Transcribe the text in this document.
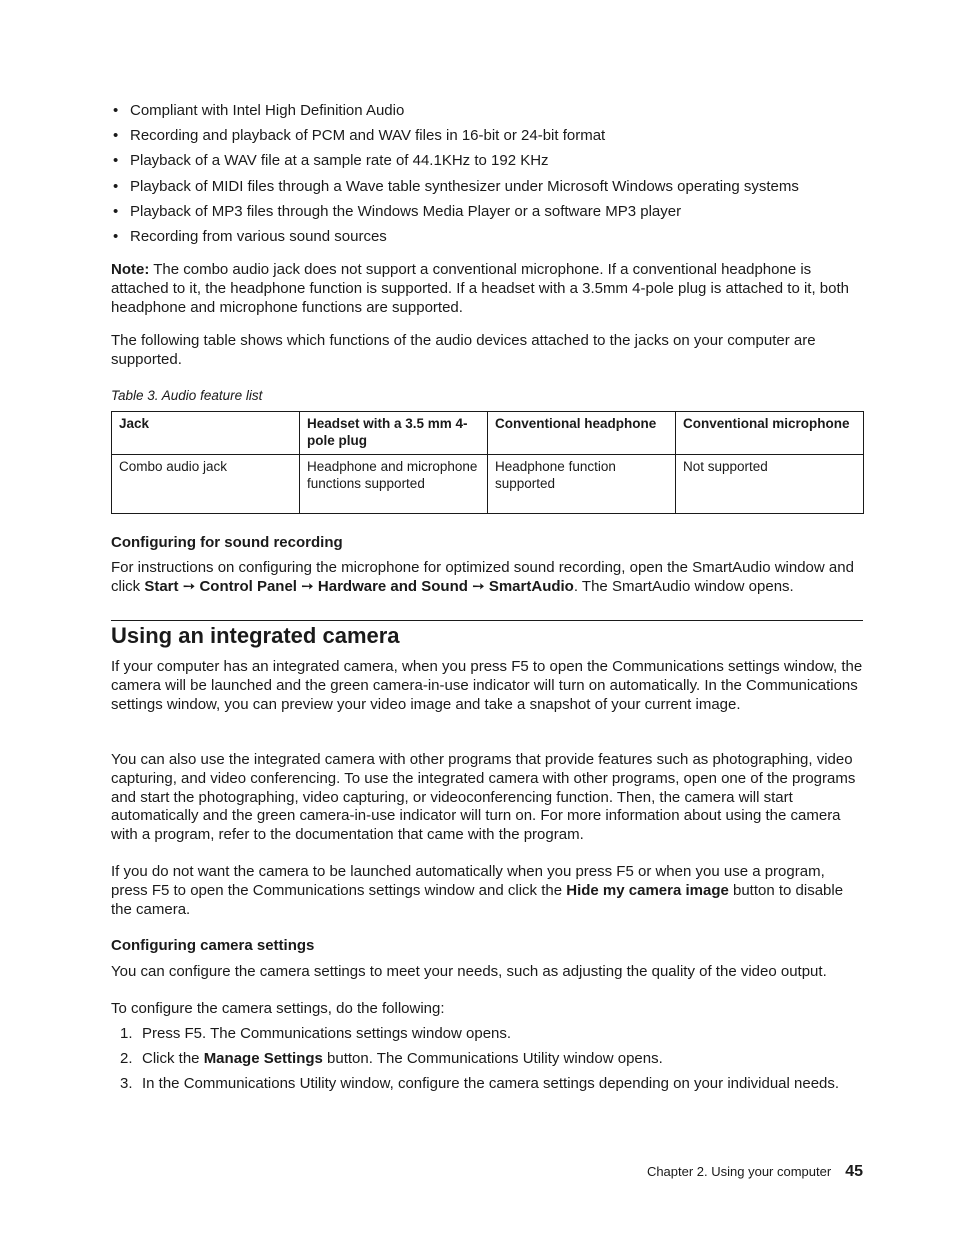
• Compliant with Intel High Definition Audio
• Recording and playback of PCM and WAV files in 16-bit or 24-bit format
• Playback of a WAV file at a sample rate of 44.1KHz to 192 KHz
• Playback of MIDI files through a Wave table synthesizer under Microsoft Windows operating systems
• Playback of MP3 files through the Windows Media Player or a software MP3 player
• Recording from various sound sources

Note: The combo audio jack does not support a conventional microphone. If a conventional headphone is attached to it, the headphone function is supported. If a headset with a 3.5mm 4-pole plug is attached to it, both headphone and microphone functions are supported.

The following table shows which functions of the audio devices attached to the jacks on your computer are supported.

Table 3. Audio feature list
Jack	Headset with a 3.5 mm 4-pole plug	Conventional headphone	Conventional microphone
Combo audio jack	Headphone and microphone functions supported	Headphone function supported	Not supported
Configuring for sound recording

For instructions on configuring the microphone for optimized sound recording, open the SmartAudio window and click Start ➙ Control Panel ➙ Hardware and Sound ➙ SmartAudio. The SmartAudio window opens.

Using an integrated camera

If your computer has an integrated camera, when you press F5 to open the Communications settings window, the camera will be launched and the green camera-in-use indicator will turn on automatically. In the Communications settings window, you can preview your video image and take a snapshot of your current image.

You can also use the integrated camera with other programs that provide features such as photographing, video capturing, and video conferencing. To use the integrated camera with other programs, open one of the programs and start the photographing, video capturing, or videoconferencing function. Then, the camera will start automatically and the green camera-in-use indicator will turn on. For more information about using the camera with a program, refer to the documentation that came with the program.

If you do not want the camera to be launched automatically when you press F5 or when you use a program, press F5 to open the Communications settings window and click the Hide my camera image button to disable the camera.

Configuring camera settings

You can configure the camera settings to meet your needs, such as adjusting the quality of the video output.

To configure the camera settings, do the following:

1. Press F5. The Communications settings window opens.
2. Click the Manage Settings button. The Communications Utility window opens.
3. In the Communications Utility window, configure the camera settings depending on your individual needs.
Chapter 2. Using your computer 45
